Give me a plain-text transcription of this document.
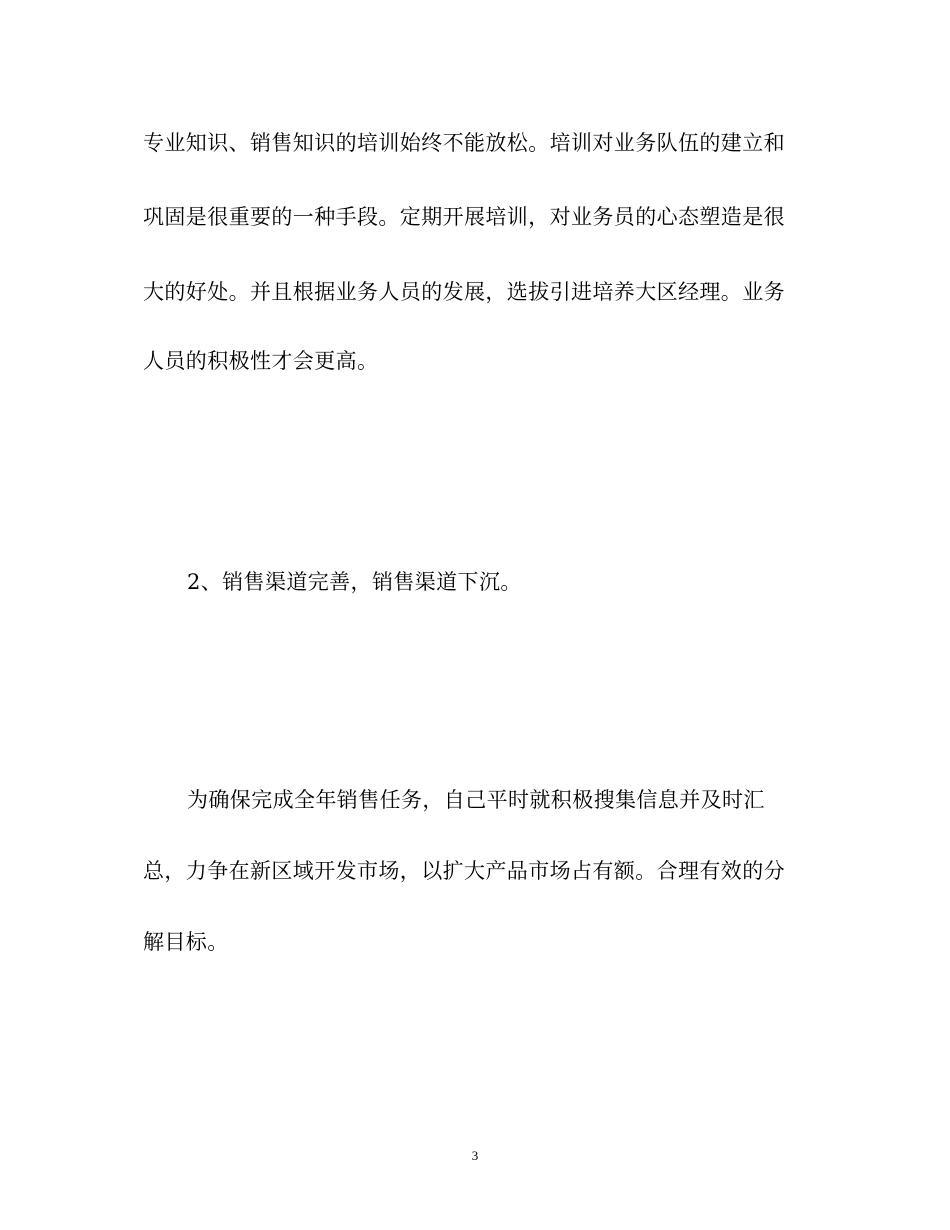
专业知识、销售知识的培训始终不能放松。培训对业务队伍的建立和
巩固是很重要的一种手段。定期开展培训，对业务员的心态塑造是很
大的好处。并且根据业务人员的发展，选拔引进培养大区经理。业务
人员的积极性才会更高。
2、销售渠道完善，销售渠道下沉。
为确保完成全年销售任务，自己平时就积极搜集信息并及时汇
总，力争在新区域开发市场，以扩大产品市场占有额。合理有效的分
解目标。
3
